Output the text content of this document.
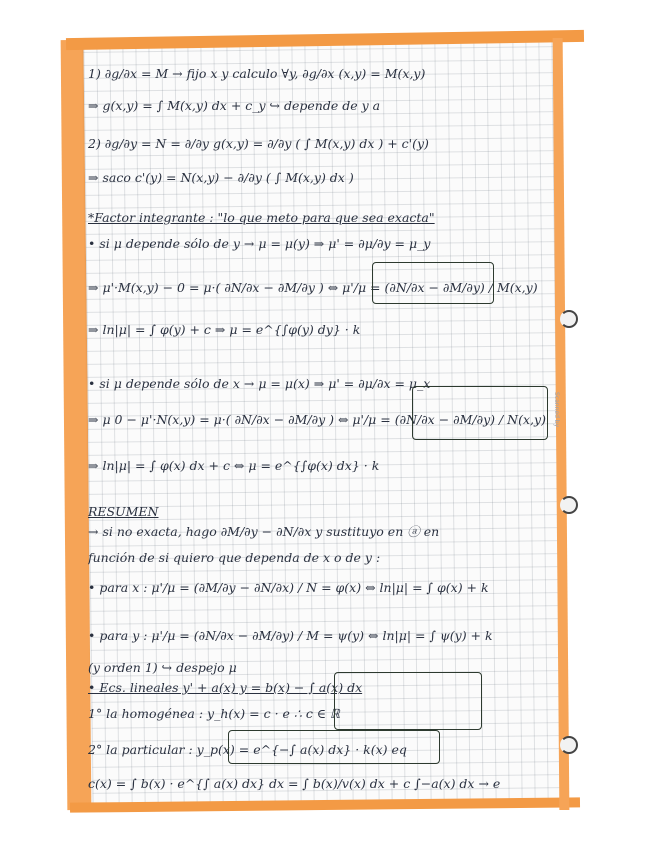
Scanned by
1) ∂g/∂x = M → fijo x y calculo ∀y, ∂g/∂x (x,y) = M(x,y)
⇒ g(x,y) = ∫ M(x,y) dx + c_y ↪ depende de y a
2) ∂g/∂y = N = ∂/∂y g(x,y) = ∂/∂y ( ∫ M(x,y) dx ) + c'(y)
⇒ saco c'(y) = N(x,y) − ∂/∂y ( ∫ M(x,y) dx )
*Factor integrante : "lo que meto para que sea exacta"
• si μ depende sólo de y → μ = μ(y) ⇒ μ' = ∂μ/∂y = μ_y
⇒ μ'·M(x,y) − 0 = μ·( ∂N/∂x − ∂M/∂y ) ⇔ μ'/μ = (∂N/∂x − ∂M/∂y) / M(x,y)
⇒ ln|μ| = ∫ φ(y) + c ⇒ μ = e^{∫φ(y) dy} · k
• si μ depende sólo de x → μ = μ(x) ⇒ μ' = ∂μ/∂x = μ_x
⇒ μ 0 − μ'·N(x,y) = μ·( ∂N/∂x − ∂M/∂y ) ⇔ μ'/μ = (∂N/∂x − ∂M/∂y) / N(x,y)
⇒ ln|μ| = ∫ φ(x) dx + c ⇔ μ = e^{∫φ(x) dx} · k
RESUMEN
→ si no exacta, hago ∂M/∂y − ∂N/∂x y sustituyo en ⓐ en
función de si quiero que dependa de x o de y :
• para x : μ'/μ = (∂M/∂y − ∂N/∂x) / N = φ(x) ⇔ ln|μ| = ∫ φ(x) + k
• para y : μ'/μ = (∂N/∂x − ∂M/∂y) / M = ψ(y) ⇔ ln|μ| = ∫ ψ(y) + k
(y orden 1) ↪ despejo μ
• Ecs. lineales y' + a(x) y = b(x) − ∫ a(x) dx
1° la homogénea : y_h(x) = c · e ∴ c ∈ ℝ
2° la particular : y_p(x) = e^{−∫ a(x) dx} · k(x) eq
c(x) = ∫ b(x) · e^{∫ a(x) dx} dx = ∫ b(x)/v(x) dx + c ∫−a(x) dx → e
